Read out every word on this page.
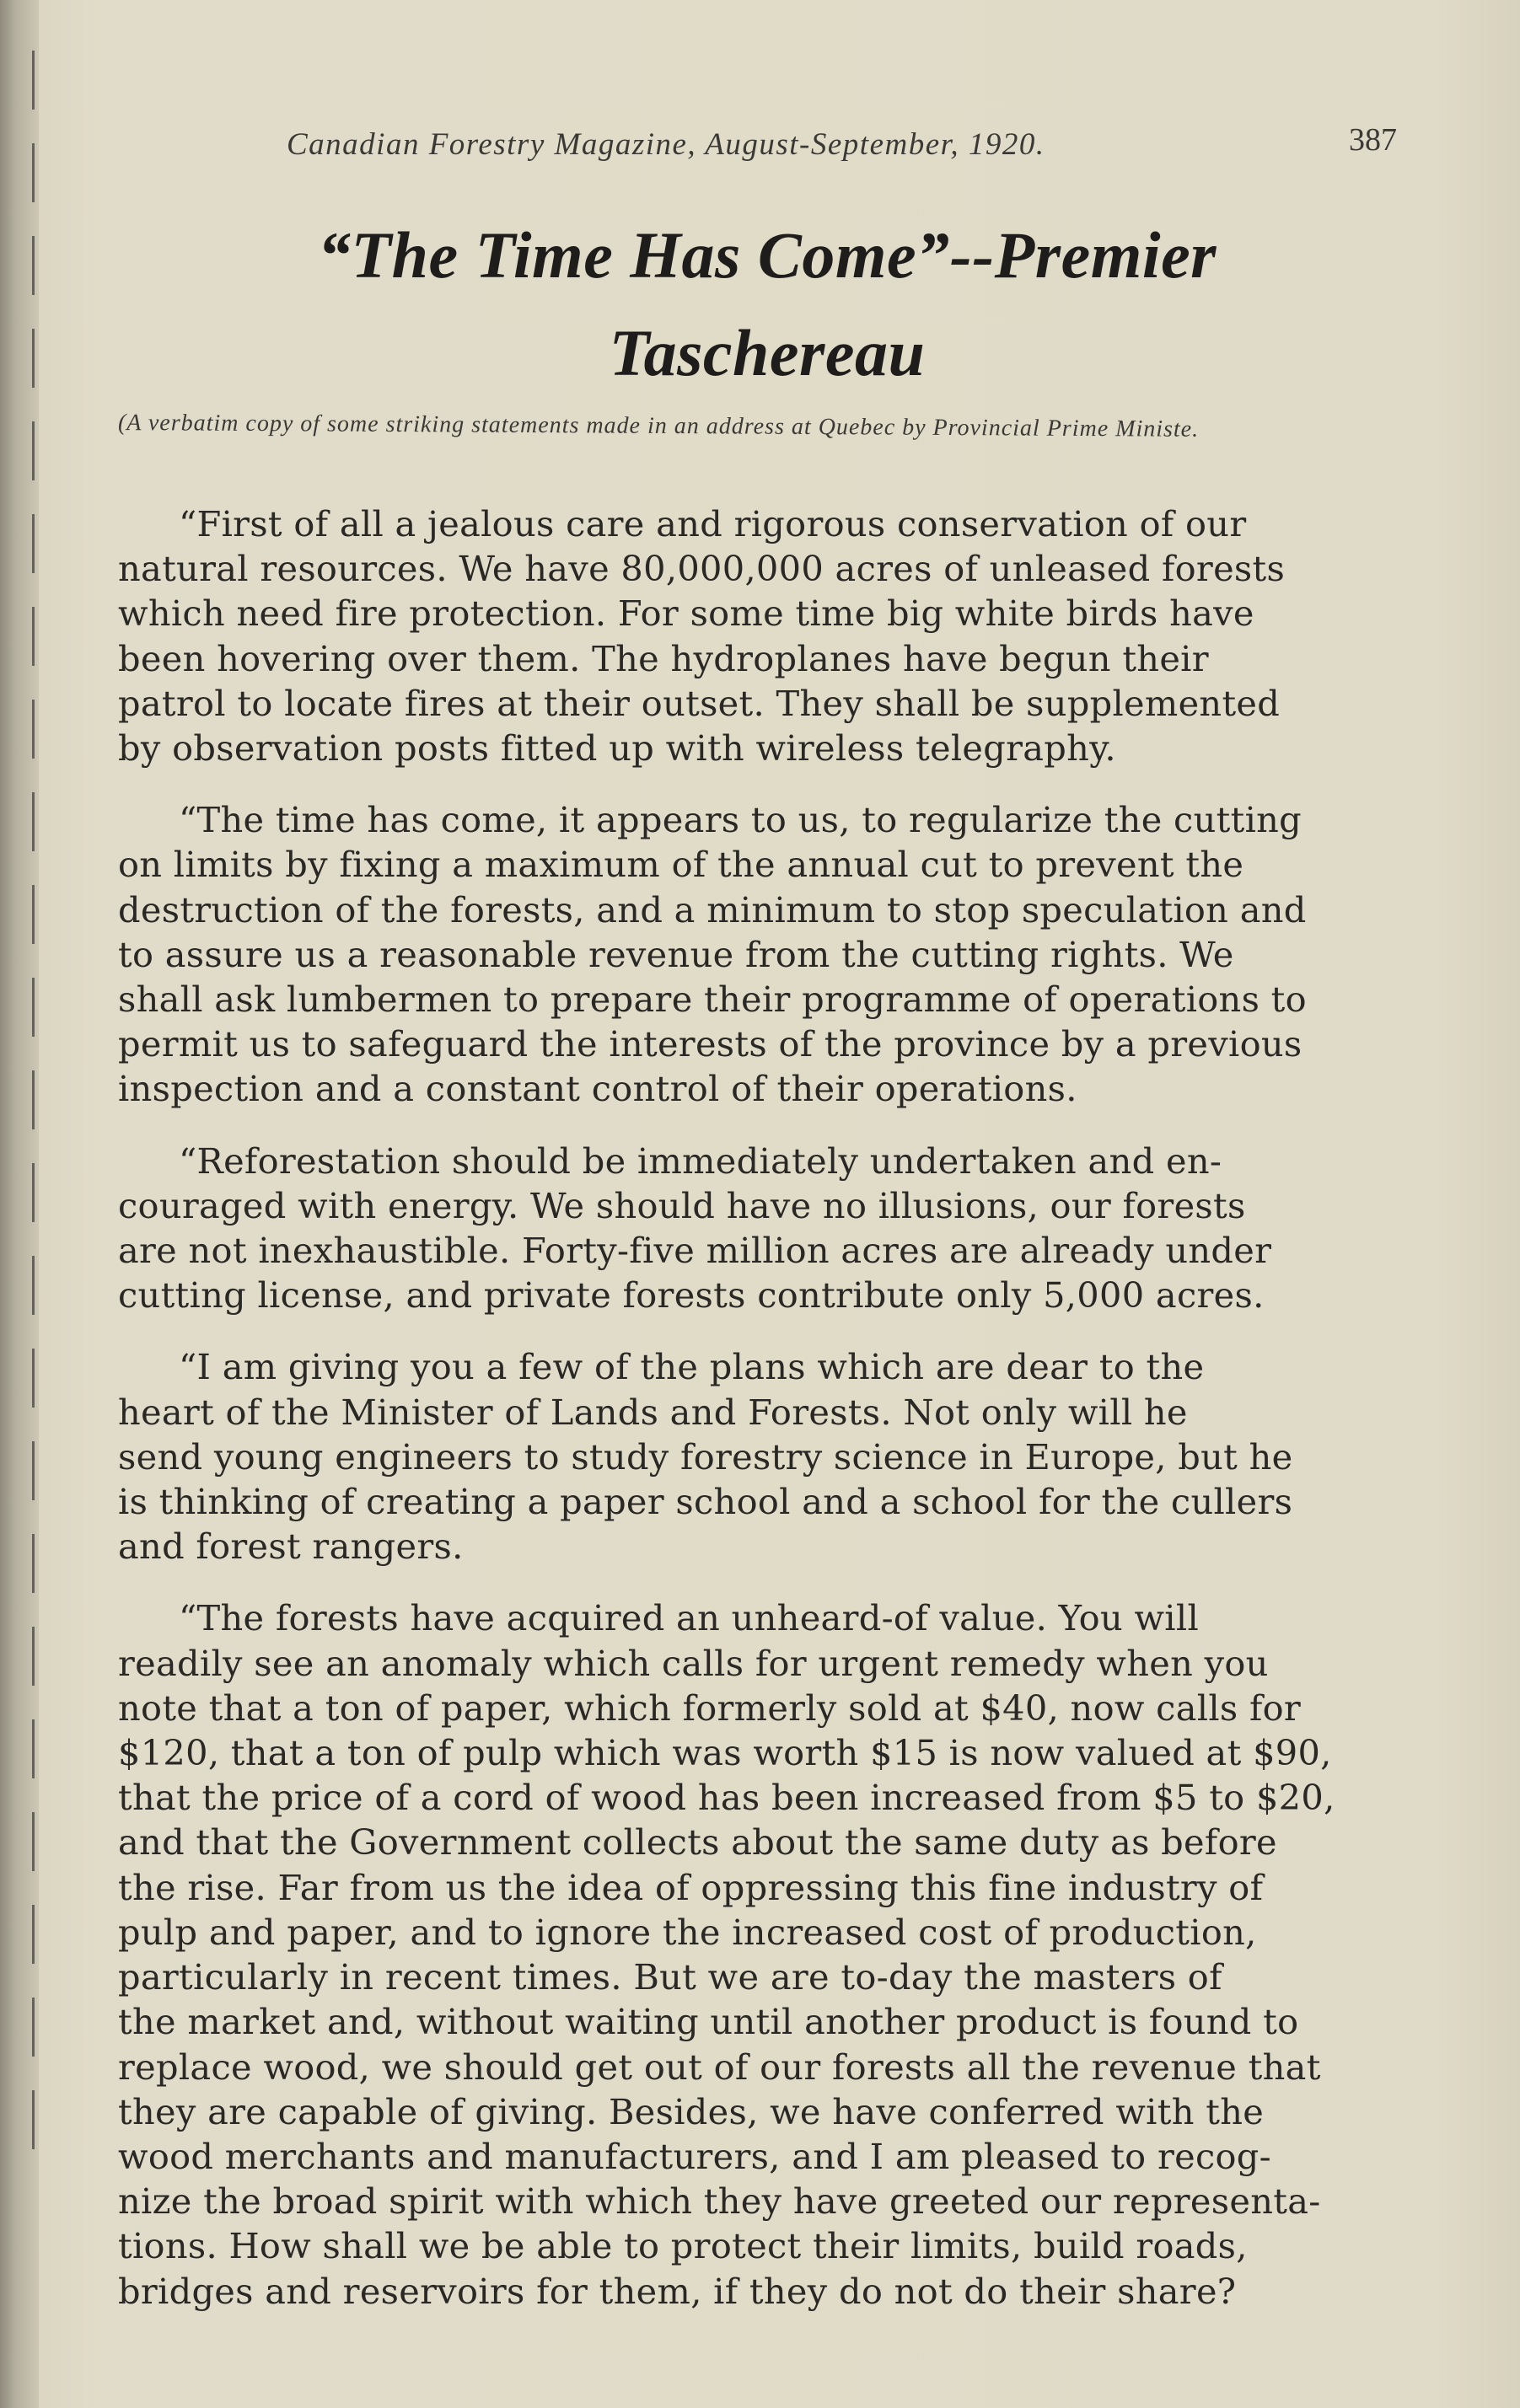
Canadian Forestry Magazine, August-September, 1920.	387
“The Time Has Come”--Premier
Taschereau
(A verbatim copy of some striking statements made in an address at Quebec by Provincial Prime Ministe.
“First of all a jealous care and rigorous conservation of our
natural resources. We have 80,000,000 acres of unleased forests
which need fire protection. For some time big white birds have
been hovering over them. The hydroplanes have begun their
patrol to locate fires at their outset. They shall be supplemented
by observation posts fitted up with wireless telegraphy.
“The time has come, it appears to us, to regularize the cutting
on limits by fixing a maximum of the annual cut to prevent the
destruction of the forests, and a minimum to stop speculation and
to assure us a reasonable revenue from the cutting rights. We
shall ask lumbermen to prepare their programme of operations to
permit us to safeguard the interests of the province by a previous
inspection and a constant control of their operations.
“Reforestation should be immediately undertaken and en-
couraged with energy. We should have no illusions, our forests
are not inexhaustible. Forty-five million acres are already under
cutting license, and private forests contribute only 5,000 acres.
“I am giving you a few of the plans which are dear to the
heart of the Minister of Lands and Forests. Not only will he
send young engineers to study forestry science in Europe, but he
is thinking of creating a paper school and a school for the cullers
and forest rangers.
“The forests have acquired an unheard-of value. You will
readily see an anomaly which calls for urgent remedy when you
note that a ton of paper, which formerly sold at $40, now calls for
$120, that a ton of pulp which was worth $15 is now valued at $90,
that the price of a cord of wood has been increased from $5 to $20,
and that the Government collects about the same duty as before
the rise. Far from us the idea of oppressing this fine industry of
pulp and paper, and to ignore the increased cost of production,
particularly in recent times. But we are to-day the masters of
the market and, without waiting until another product is found to
replace wood, we should get out of our forests all the revenue that
they are capable of giving. Besides, we have conferred with the
wood merchants and manufacturers, and I am pleased to recog-
nize the broad spirit with which they have greeted our representa-
tions. How shall we be able to protect their limits, build roads,
bridges and reservoirs for them, if they do not do their share?
